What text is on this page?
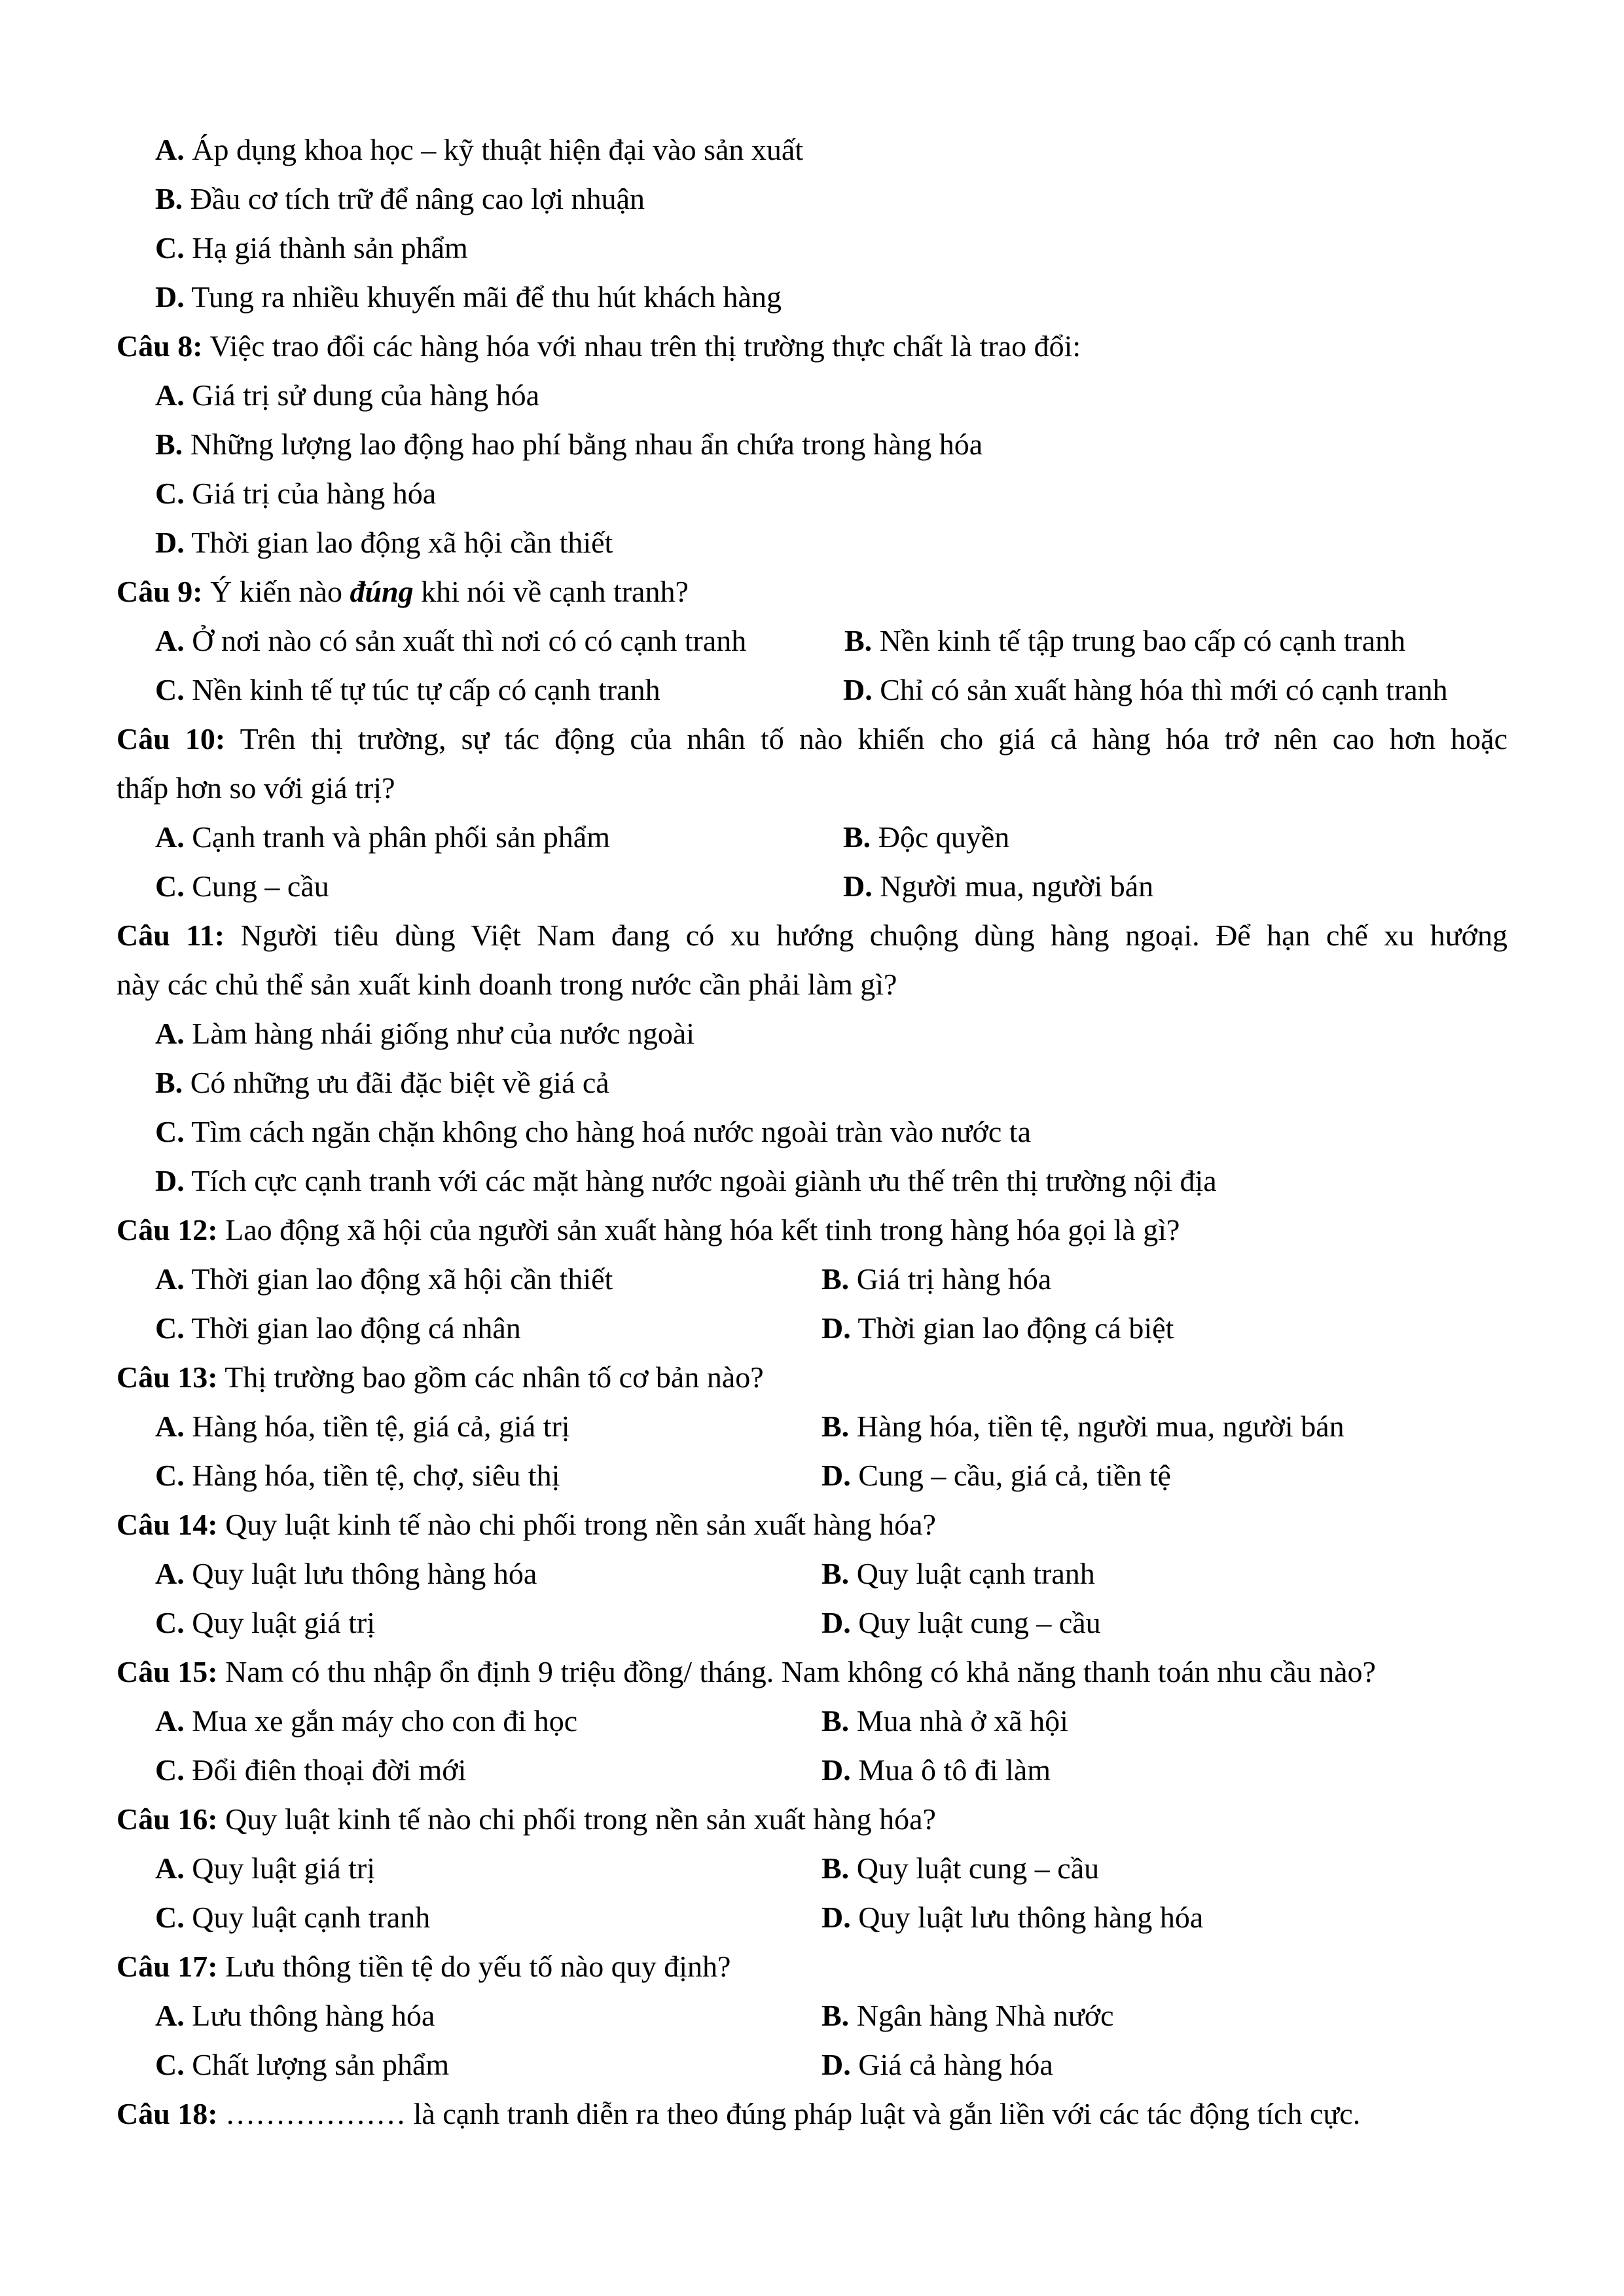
A. Áp dụng khoa học – kỹ thuật hiện đại vào sản xuất
B. Đầu cơ tích trữ để nâng cao lợi nhuận
C. Hạ giá thành sản phẩm
D. Tung ra nhiều khuyến mãi để thu hút khách hàng
Câu 8: Việc trao đổi các hàng hóa với nhau trên thị trường thực chất là trao đổi:
A. Giá trị sử dung của hàng hóa
B. Những lượng lao động hao phí bằng nhau ẩn chứa trong hàng hóa
C. Giá trị của hàng hóa
D. Thời gian lao động xã hội cần thiết
Câu 9: Ý kiến nào đúng khi nói về cạnh tranh?
A. Ở nơi nào có sản xuất thì nơi có có cạnh tranh	B. Nền kinh tế tập trung bao cấp có cạnh tranh
C. Nền kinh tế tự túc tự cấp có cạnh tranh	D. Chỉ có sản xuất hàng hóa thì mới có cạnh tranh
Câu 10: Trên thị trường, sự tác động của nhân tố nào khiến cho giá cả hàng hóa trở nên cao hơn hoặc
thấp hơn so với giá trị?
A. Cạnh tranh và phân phối sản phẩm	B. Độc quyền
C. Cung – cầu	D. Người mua, người bán
Câu 11: Người tiêu dùng Việt Nam đang có xu hướng chuộng dùng hàng ngoại. Để hạn chế xu hướng
này các chủ thể sản xuất kinh doanh trong nước cần phải làm gì?
A. Làm hàng nhái giống như của nước ngoài
B. Có những ưu đãi đặc biệt về giá cả
C. Tìm cách ngăn chặn không cho hàng hoá nước ngoài tràn vào nước ta
D. Tích cực cạnh tranh với các mặt hàng nước ngoài giành ưu thế trên thị trường nội địa
Câu 12: Lao động xã hội của người sản xuất hàng hóa kết tinh trong hàng hóa gọi là gì?
A. Thời gian lao động xã hội cần thiết	B. Giá trị hàng hóa
C. Thời gian lao động cá nhân	D. Thời gian lao động cá biệt
Câu 13: Thị trường bao gồm các nhân tố cơ bản nào?
A. Hàng hóa, tiền tệ, giá cả, giá trị	B. Hàng hóa, tiền tệ, người mua, người bán
C. Hàng hóa, tiền tệ, chợ, siêu thị	D. Cung – cầu, giá cả, tiền tệ
Câu 14: Quy luật kinh tế nào chi phối trong nền sản xuất hàng hóa?
A. Quy luật lưu thông hàng hóa	B. Quy luật cạnh tranh
C. Quy luật giá trị	D. Quy luật cung – cầu
Câu 15: Nam có thu nhập ổn định 9 triệu đồng/ tháng. Nam không có khả năng thanh toán nhu cầu nào?
A. Mua xe gắn máy cho con đi học	B. Mua nhà ở xã hội
C. Đổi điên thoại đời mới	D. Mua ô tô đi làm
Câu 16: Quy luật kinh tế nào chi phối trong nền sản xuất hàng hóa?
A. Quy luật giá trị	B. Quy luật cung – cầu
C. Quy luật cạnh tranh	D. Quy luật lưu thông hàng hóa
Câu 17: Lưu thông tiền tệ do yếu tố nào quy định?
A. Lưu thông hàng hóa	B. Ngân hàng Nhà nước
C. Chất lượng sản phẩm	D. Giá cả hàng hóa
Câu 18: ……………… là cạnh tranh diễn ra theo đúng pháp luật và gắn liền với các tác động tích cực.
